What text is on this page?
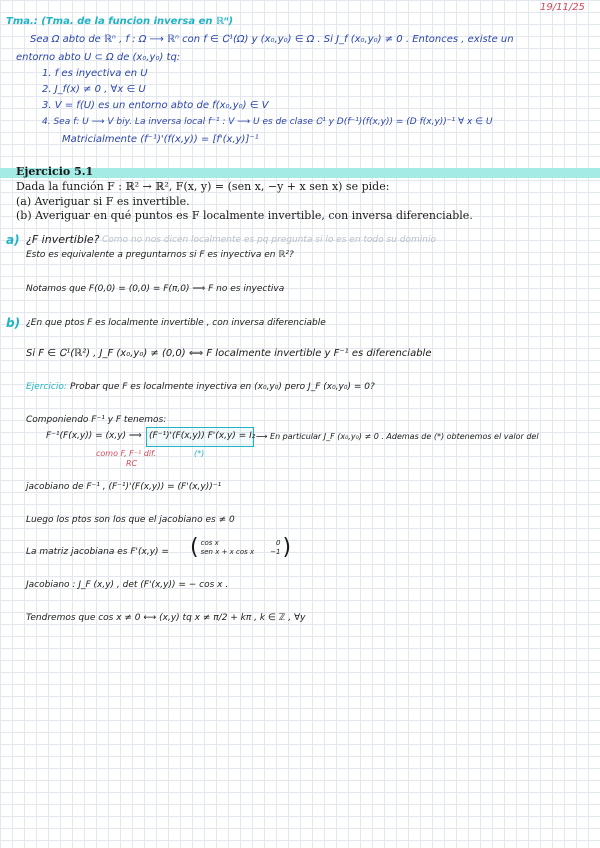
19/11/25
Tma.: (Tma. de la funcion inversa en ℝⁿ)
Sea Ω abto de ℝⁿ , f : Ω ⟶ ℝⁿ con f ∈ Ꮯ¹(Ω) y (x₀,y₀) ∈ Ω . Si J_f (x₀,y₀) ≠ 0 . Entonces , existe un
entorno abto U ⊂ Ω de (x₀,y₀) tq:
1. f es inyectiva en U
2. J_f(x) ≠ 0 , ∀x ∈ U
3. V = f(U) es un entorno abto de f(x₀,y₀) ∈ V
4. Sea f: U ⟶ V biy. La inversa local f⁻¹ : V ⟶ U es de clase Ꮯ¹ y D(f⁻¹)(f(x,y)) = (D f(x,y))⁻¹ ∀ x ∈ U
Matricialmente (f⁻¹)'(f(x,y)) = [f'(x,y)]⁻¹
Ejercicio 5.1
Dada la función F : ℝ² → ℝ², F(x, y) = (sen x, −y + x sen x) se pide:
(a) Averiguar si F es invertible.
(b) Averiguar en qué puntos es F localmente invertible, con inversa diferenciable.
a) ¿F invertible? Como no nos dicen localmente es pq pregunta si lo es en todo su dominio
Esto es equivalente a preguntarnos si F es inyectiva en ℝ²?
Notamos que F(0,0) = (0,0) = F(π,0) ⟹ F no es inyectiva
b) ¿En que ptos F es localmente invertible , con inversa diferenciable
Si F ∈ Ꮯ¹(ℝ²) , J_F (x₀,y₀) ≠ (0,0) ⟺ F localmente invertible y F⁻¹ es diferenciable
Ejercicio: Probar que F es localmente inyectiva en (x₀,y₀) pero J_F (x₀,y₀) = 0?
Componiendo F⁻¹ y F tenemos:
F⁻¹(F(x,y)) = (x,y) ⟹ (F⁻¹)'(F(x,y)) F'(x,y) = I₂ ⟶ En particular J_F (x₀,y₀) ≠ 0 . Ademas de (*) obtenemos el valor del
como F, F⁻¹ dif.
RC
(*)
jacobiano de F⁻¹ , (F⁻¹)'(F(x,y)) = (F'(x,y))⁻¹
Luego los ptos son los que el jacobiano es ≠ 0
La matriz jacobiana es F'(x,y) = ( cos x
sen x + x cos x
0
−1 )
Jacobiano : J_F (x,y) , det (F'(x,y)) = − cos x .
Tendremos que cos x ≠ 0 ⟷ (x,y) tq x ≠ π/2 + kπ , k ∈ ℤ , ∀y
